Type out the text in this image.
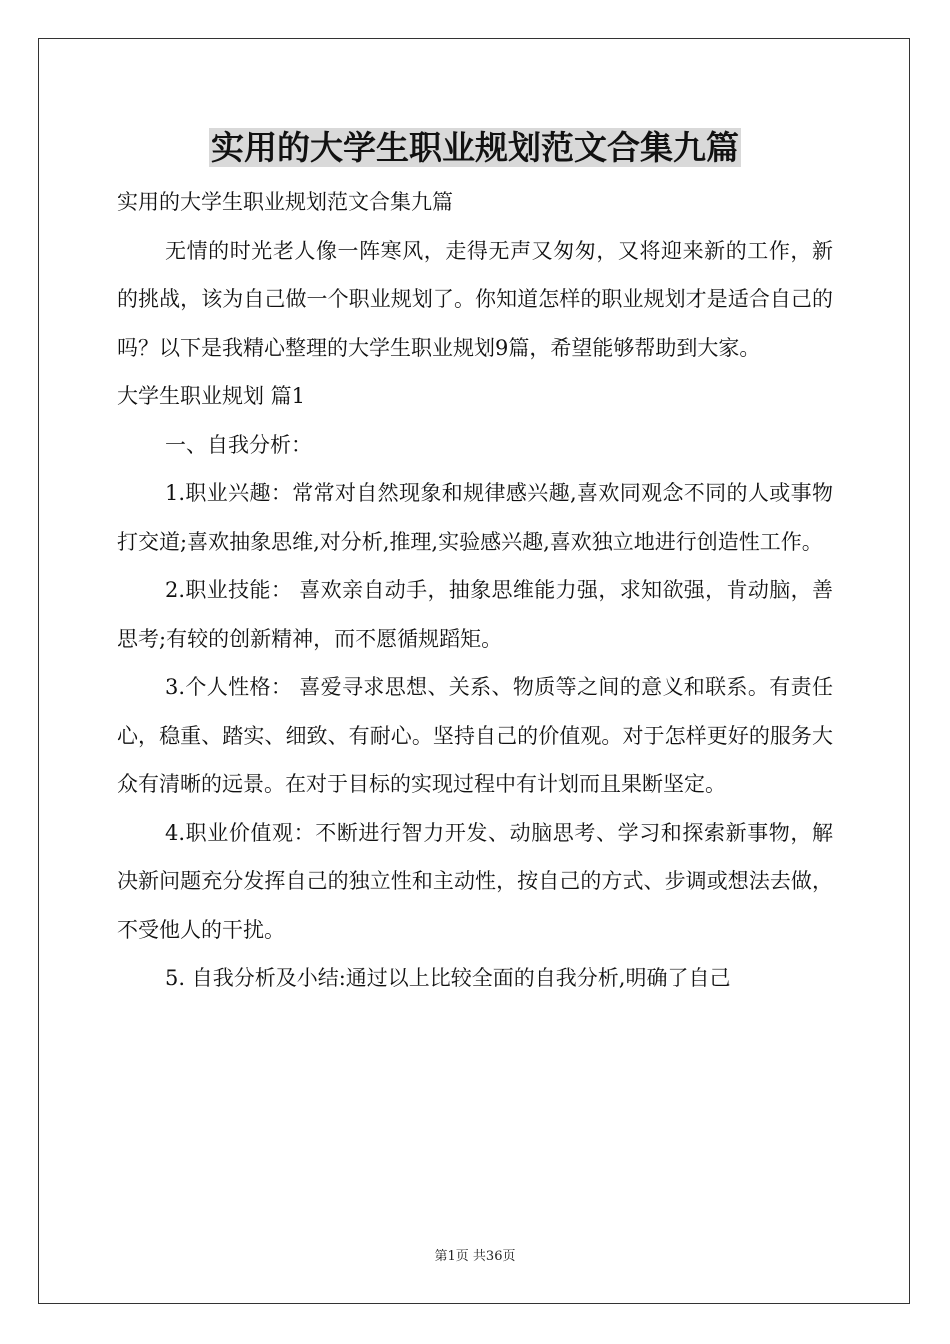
实用的大学生职业规划范文合集九篇

实用的大学生职业规划范文合集九篇

无情的时光老人像一阵寒风，走得无声又匆匆，又将迎来新的工作，新的挑战，该为自己做一个职业规划了。你知道怎样的职业规划才是适合自己的吗？以下是我精心整理的大学生职业规划9篇，希望能够帮助到大家。

大学生职业规划 篇1

一、自我分析：

1.职业兴趣：常常对自然现象和规律感兴趣,喜欢同观念不同的人或事物打交道;喜欢抽象思维,对分析,推理,实验感兴趣,喜欢独立地进行创造性工作。

2.职业技能： 喜欢亲自动手，抽象思维能力强，求知欲强，肯动脑，善思考;有较的创新精神，而不愿循规蹈矩。

3.个人性格： 喜爱寻求思想、关系、物质等之间的意义和联系。有责任心，稳重、踏实、细致、有耐心。坚持自己的价值观。对于怎样更好的服务大众有清晰的远景。在对于目标的实现过程中有计划而且果断坚定。

4.职业价值观：不断进行智力开发、动脑思考、学习和探索新事物，解决新问题充分发挥自己的独立性和主动性，按自己的方式、步调或想法去做，不受他人的干扰。

5. 自我分析及小结:通过以上比较全面的自我分析,明确了自己

第1页 共36页
